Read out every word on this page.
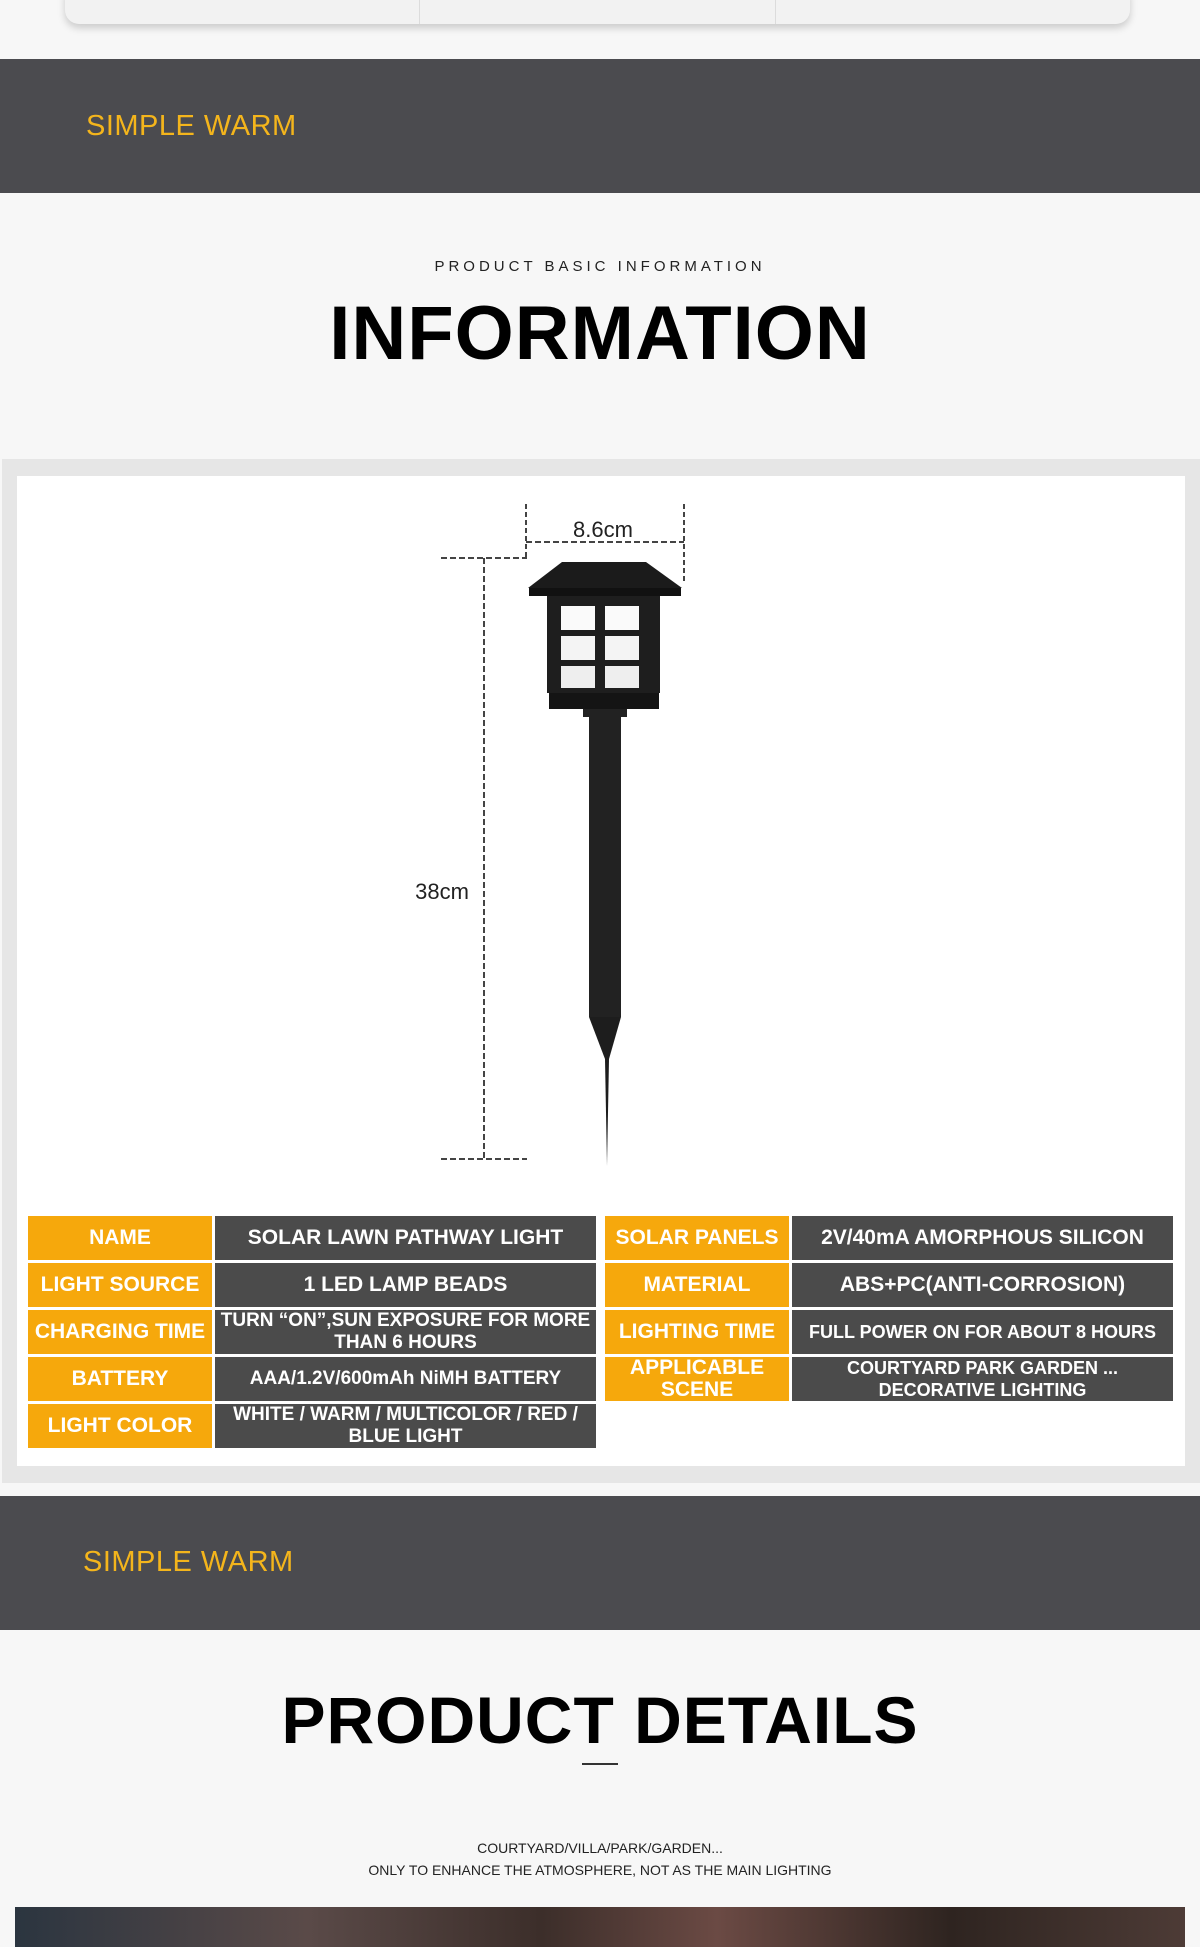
SIMPLE WARM
PRODUCT BASIC INFORMATION
INFORMATION
8.6cm
38cm
NAME	SOLAR LAWN PATHWAY LIGHT
LIGHT SOURCE	1 LED LAMP BEADS
CHARGING TIME	TURN “ON”,SUN EXPOSURE FOR MORE THAN 6 HOURS
BATTERY	AAA/1.2V/600mAh NiMH BATTERY
LIGHT COLOR	WHITE / WARM / MULTICOLOR / RED / BLUE LIGHT
SOLAR PANELS	2V/40mA AMORPHOUS SILICON
MATERIAL	ABS+PC(ANTI-CORROSION)
LIGHTING TIME	FULL POWER ON FOR ABOUT 8 HOURS
APPLICABLE SCENE	COURTYARD PARK GARDEN ... DECORATIVE LIGHTING
SIMPLE WARM
PRODUCT DETAILS
COURTYARD/VILLA/PARK/GARDEN...
ONLY TO ENHANCE THE ATMOSPHERE, NOT AS THE MAIN LIGHTING
